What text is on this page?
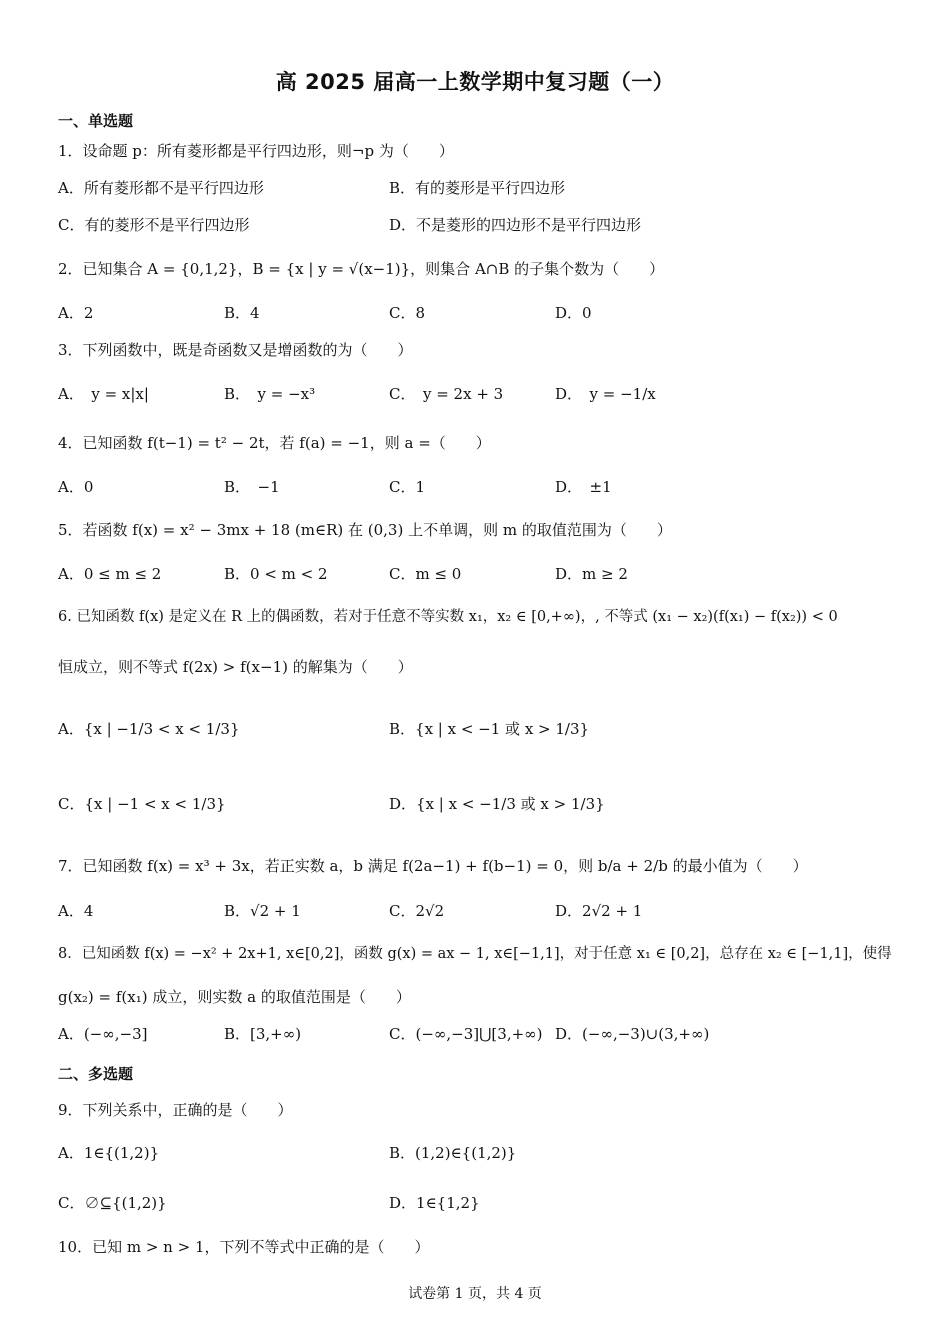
高 2025 届高一上数学期中复习题（一）
一、单选题
1．设命题 p：所有菱形都是平行四边形，则¬p 为（　　）
A．所有菱形都不是平行四边形	B．有的菱形是平行四边形
C．有的菱形不是平行四边形	D．不是菱形的四边形不是平行四边形
2．已知集合 A = {0,1,2}，B = {x | y = √(x−1)}，则集合 A∩B 的子集个数为（　　）
A．2	B．4	C．8	D．0
3．下列函数中，既是奇函数又是增函数的为（　　）
A．　y = x|x|	B．　y = −x³	C．　y = 2x + 3	D．　y = −1/x
4．已知函数 f(t−1) = t² − 2t，若 f(a) = −1，则 a =（　　）
A．0	B．　−1	C．1	D．　±1
5．若函数 f(x) = x² − 3mx + 18 (m∈R) 在 (0,3) 上不单调，则 m 的取值范围为（　　）
A．0 ≤ m ≤ 2	B．0 < m < 2	C．m ≤ 0	D．m ≥ 2
6. 已知函数 f(x) 是定义在 R 上的偶函数，若对于任意不等实数 x₁，x₂ ∈ [0,+∞)，, 不等式 (x₁ − x₂)(f(x₁) − f(x₂)) < 0
恒成立，则不等式 f(2x) > f(x−1) 的解集为（　　）
A．{x | −1/3 < x < 1/3}	B．{x | x < −1 或 x > 1/3}
C．{x | −1 < x < 1/3}	D．{x | x < −1/3 或 x > 1/3}
7．已知函数 f(x) = x³ + 3x，若正实数 a，b 满足 f(2a−1) + f(b−1) = 0，则 b/a + 2/b 的最小值为（　　）
A．4	B．√2 + 1	C．2√2	D．2√2 + 1
8．已知函数 f(x) = −x² + 2x+1, x∈[0,2]，函数 g(x) = ax − 1, x∈[−1,1]，对于任意 x₁ ∈ [0,2]，总存在 x₂ ∈ [−1,1]，使得
g(x₂) = f(x₁) 成立，则实数 a 的取值范围是（　　）
A．(−∞,−3]	B．[3,+∞)	C．(−∞,−3]⋃[3,+∞) D．(−∞,−3)∪(3,+∞)
二、多选题
9．下列关系中，正确的是（　　）
A．1∈{(1,2)}	B．(1,2)∈{(1,2)}
C．∅⊆{(1,2)}	D．1∈{1,2}
10．已知 m > n > 1，下列不等式中正确的是（　　）
试卷第 1 页，共 4 页
